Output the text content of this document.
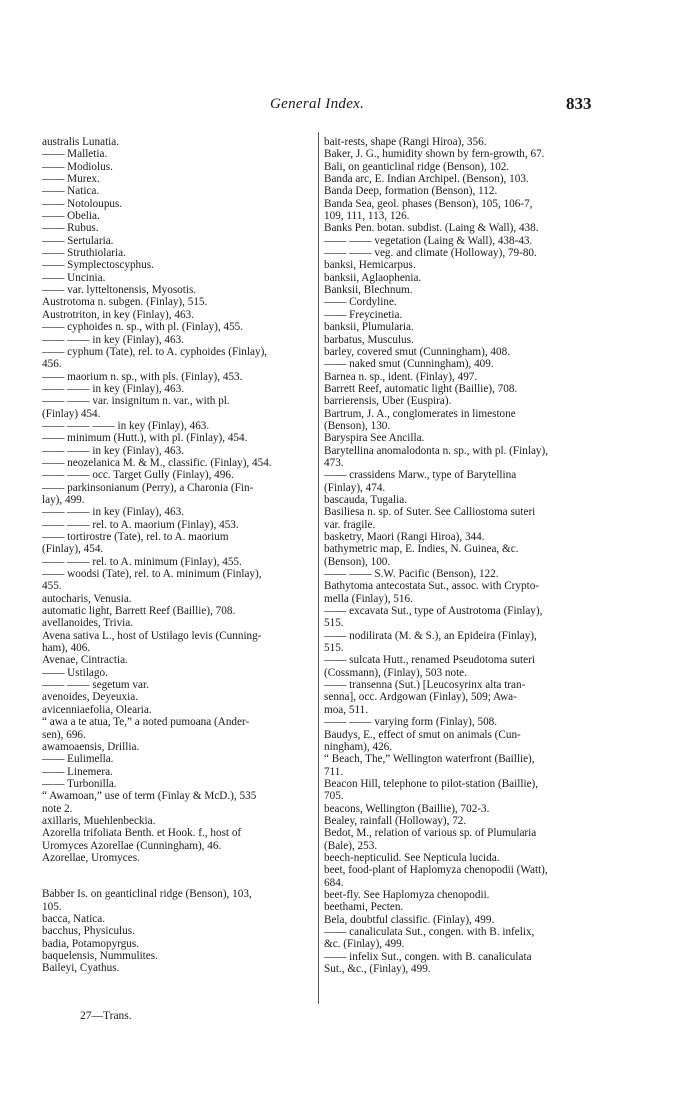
General Index.	833
australis Lunatia.
—— Malletia.
—— Modiolus.
—— Murex.
—— Natica.
—— Notoloupus.
—— Obelia.
—— Rubus.
—— Sertularia.
—— Struthiolaria.
—— Symplectoscyphus.
—— Uncinia.
—— var. lytteltonensis, Myosotis.
Austrotoma n. subgen. (Finlay), 515.
Austrotriton, in key (Finlay), 463.
—— cyphoides n. sp., with pl. (Finlay), 455.
—— —— in key (Finlay), 463.
—— cyphum (Tate), rel. to A. cyphoides (Finlay),
456.
—— maorium n. sp., with pls. (Finlay), 453.
—— —— in key (Finlay), 463.
—— —— var. insignitum n. var., with pl.
(Finlay) 454.
—— —— —— in key (Finlay), 463.
—— minimum (Hutt.), with pl. (Finlay), 454.
—— —— in key (Finlay), 463.
—— neozelanica M. & M., classific. (Finlay), 454.
—— —— occ. Target Gully (Finlay), 496.
—— parkinsonianum (Perry), a Charonia (Fin-
lay), 499.
—— —— in key (Finlay), 463.
—— —— rel. to A. maorium (Finlay), 453.
—— tortirostre (Tate), rel. to A. maorium
(Finlay), 454.
—— —— rel. to A. minimum (Finlay), 455.
—— woodsi (Tate), rel. to A. minimum (Finlay),
455.
autocharis, Venusia.
automatic light, Barrett Reef (Baillie), 708.
avellanoides, Trivia.
Avena sativa L., host of Ustilago levis (Cunning-
ham), 406.
Avenae, Cintractia.
—— Ustilago.
—— —— segetum var.
avenoides, Deyeuxia.
avicenniaefolia, Olearia.
“ awa a te atua, Te,” a noted pumoana (Ander-
sen), 696.
awamoaensis, Drillia.
—— Eulimella.
—— Linemera.
—— Turbonilla.
“ Awamoan,” use of term (Finlay & McD.), 535
note 2.
axillaris, Muehlenbeckia.
Azorella trifoliata Benth. et Hook. f., host of
Uromyces Azorellae (Cunningham), 46.
Azorellae, Uromyces.
Babber Is. on geanticlinal ridge (Benson), 103,
105.
bacca, Natica.
bacchus, Physiculus.
badia, Potamopyrgus.
baquelensis, Nummulites.
Baileyi, Cyathus.
bait-rests, shape (Rangi Hiroa), 356.
Baker, J. G., humidity shown by fern-growth, 67.
Bali, on geanticlinal ridge (Benson), 102.
Banda arc, E. Indian Archipel. (Benson), 103.
Banda Deep, formation (Benson), 112.
Banda Sea, geol. phases (Benson), 105, 106-7,
109, 111, 113, 126.
Banks Pen. botan. subdist. (Laing & Wall), 438.
—— —— vegetation (Laing & Wall), 438-43.
—— —— veg. and climate (Holloway), 79-80.
banksi, Hemicarpus.
banksii, Aglaophenia.
Banksii, Blechnum.
—— Cordyline.
—— Freycinetia.
banksii, Plumularia.
barbatus, Musculus.
barley, covered smut (Cunningham), 408.
—— naked smut (Cunningham), 409.
Barnea n. sp., ident. (Finlay), 497.
Barrett Reef, automatic light (Baillie), 708.
barrierensis, Uber (Euspira).
Bartrum, J. A., conglomerates in limestone
(Benson), 130.
Baryspira See Ancilla.
Barytellina anomalodonta n. sp., with pl. (Finlay),
473.
—— crassidens Marw., type of Barytellina
(Finlay), 474.
bascauda, Tugalia.
Basiliesa n. sp. of Suter. See Calliostoma suteri
var. fragile.
basketry, Maori (Rangi Hiroa), 344.
bathymetric map, E. Indies, N. Guinea, &c.
(Benson), 100.
—— —— S.W. Pacific (Benson), 122.
Bathytoma antecostata Sut., assoc. with Crypto-
mella (Finlay), 516.
—— excavata Sut., type of Austrotoma (Finlay),
515.
—— nodilirata (M. & S.), an Epideira (Finlay),
515.
—— sulcata Hutt., renamed Pseudotoma suteri
(Cossmann), (Finlay), 503 note.
—— transenna (Sut.) [Leucosyrinx alta tran-
senna], occ. Ardgowan (Finlay), 509; Awa-
moa, 511.
—— —— varying form (Finlay), 508.
Baudys, E., effect of smut on animals (Cun-
ningham), 426.
“ Beach, The,” Wellington waterfront (Baillie),
711.
Beacon Hill, telephone to pilot-station (Baillie),
705.
beacons, Wellington (Baillie), 702-3.
Bealey, rainfall (Holloway), 72.
Bedot, M., relation of various sp. of Plumularia
(Bale), 253.
beech-nepticulid. See Nepticula lucida.
beet, food-plant of Haplomyza chenopodii (Watt),
684.
beet-fly. See Haplomyza chenopodii.
beethami, Pecten.
Bela, doubtful classific. (Finlay), 499.
—— canaliculata Sut., congen. with B. infelix,
&c. (Finlay), 499.
—— infelix Sut., congen. with B. canaliculata
Sut., &c., (Finlay), 499.
27—Trans.
